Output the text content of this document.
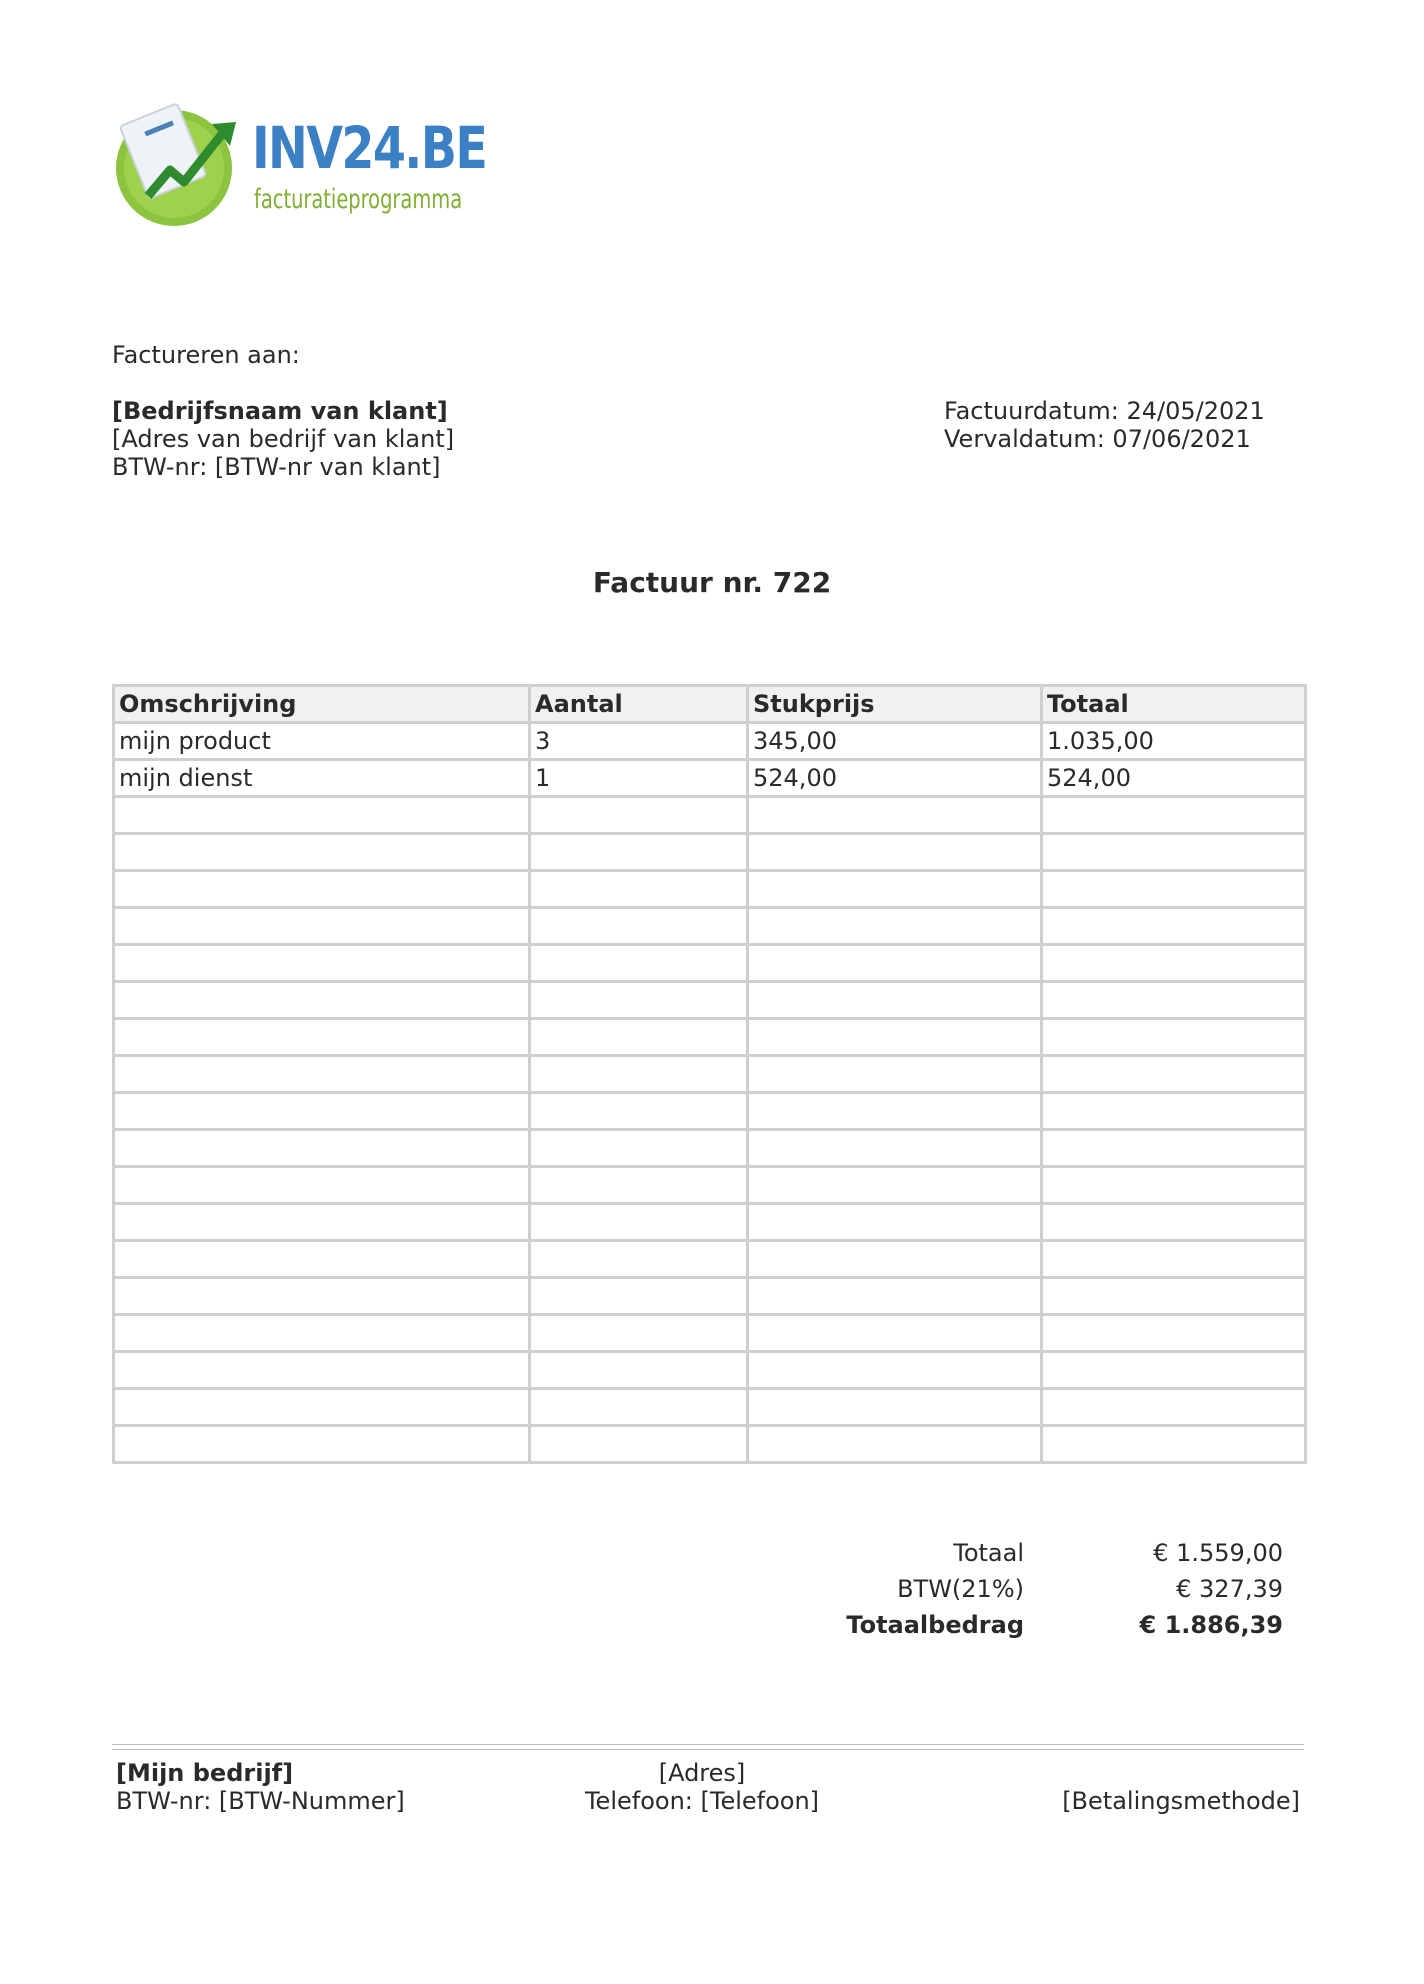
INV24.BE
facturatieprogramma
Factureren aan:
[Bedrijfsnaam van klant]
[Adres van bedrijf van klant]
BTW-nr: [BTW-nr van klant]
Factuurdatum: 24/05/2021
Vervaldatum: 07/06/2021
Factuur nr. 722
Omschrijving	Aantal	Stukprijs	Totaal
mijn product	3	345,00	1.035,00
mijn dienst	1	524,00	524,00

Totaal	€ 1.559,00
BTW(21%)	€ 327,39
Totaalbedrag	€ 1.886,39
[Mijn bedrijf]
BTW-nr: [BTW-Nummer]
[Adres]
Telefoon: [Telefoon]	[Betalingsmethode]
